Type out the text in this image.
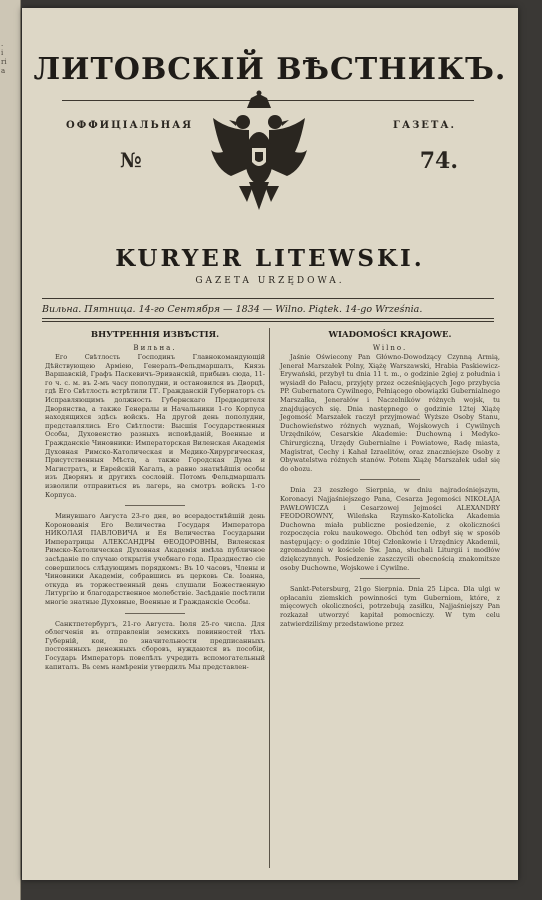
.
i
ri
a ЛИТОВСКIЙ ВѢСТНИКЪ.
ОФФИЦIАЛЬНАЯ	ГАЗЕТА.
№	74.
KURYER LITEWSKI.
GAZETA URZĘDOWA.
Вильна. Пятница. 14-го Сентября — 1834 — Wilno. Piątek. 14-go Września.
ВНУТРЕННIЯ ИЗВѢСТIЯ.
Вильна.

Его Свѣтлость Господинъ Главнокомандующiй Дѣйствующею Армiею, Генералъ-Фельдмаршалъ, Князь Варшавскiй, Графъ Паскевичъ-Эриванскiй, прибывъ сюда, 11-го ч. с. м. въ 2-мъ часу пополудни, и остановился въ Дворцѣ, гдѣ Его Свѣтлость встрѣтили ГГ. Гражданскiй Губернаторъ съ Исправляющимъ должность Губернскаго Предводителя Дворянства, а также Генералы и Начальники 1-го Корпуса находящихся здѣсь войскъ. На другой день пополудни, представлялись Его Свѣтлости: Высшiя Государственныя Особы, Духовенство разныхъ исповѣданiй, Военные и Гражданскiе Чиновники: Императорская Виленская Академiя Духовная Римско-Католическая и Медико-Хирургическая, Присутственныя Мѣста, а также Городская Дума и Магистратъ, и Еврейскiй Кагалъ, а равно знатнѣйшiя особы изъ Дворянъ и другихъ сословiй. Потомъ Фельдмаршалъ изволили отправиться въ лагерь, на смотръ войскъ 1-го Корпуса.

Минувшаго Августа 23-го дня, во всерадостнѣйшiй день Коронованiя Его Величества Государя Императора НИКОЛАЯ ПАВЛОВИЧА и Ея Величества Государыни Императрицы АЛЕКСАНДРЫ ѲЕОДОРОВНЫ, Виленская Римско-Католическая Духовная Академiя имѣла публичное засѣданiе по случаю открытiя учебнаго года. Празднество сiе совершилось слѣдующимъ порядкомъ: Въ 10 часовъ, Члены и Чиновники Академiи, собравшись въ церковь Св. Iоанна, откуда въ торжественный день слушали Божественную Литургiю и благодарственное молебствiе. Засѣданiе посѣтили многiе знатные Духовные, Военные и Гражданскiе Особы.

Санктпетербургъ, 21-го Августа. Iюля 25-го числа. Для облегченiя въ отправленiи земскихъ повинностей тѣхъ Губернiй, кои, по значительности предписанныхъ постоянныхъ денежныхъ сборовъ, нуждаются въ пособiи, Государь Императоръ повелѣлъ учредить вспомогательный капиталъ. Вь семъ намѣренiи утвердилъ Мы представлен-

WIADOMOŚCI KRAJOWE.
Wilno.

Jaśnie Oświecony Pan Główno-Dowodzący Czynną Armią, Jenerał Marszałek Polny, Xiążę Warszawski, Hrabia Paskiewicz-Erywański, przybył tu dnia 11 t. m., o godzinie 2giej z południa i wysiadł do Pałacu, przyjęty przez ocześnięjących Jego przybycia PP. Gubernatora Cywilnego, Pełniącego obowiązki Gubernialnego Marszałka, Jenerałów i Naczelników różnych wojsk, tu znajdujących się. Dnia następnego o godzinie 12tej Xiążę Jegomość Marszałek raczył przyjmować Wyższe Osoby Stanu, Duchowieństwo różnych wyznań, Wojskowych i Cywilnych Urzędników, Cesarskie Akademie: Duchowną i Medyko-Chirurgiczną, Urzędy Gubernialne i Powiatowe, Radę miasta, Magistrat, Cechy i Kahał Izraelitów, oraz znaczniejsze Osoby z Obywatelstwa różnych stanów. Potem Xiążę Marszałek udał się do obozu.

Dnia 23 zeszłego Sierpnia, w dniu najradośniejszym, Koronacyi Najjaśniejszego Pana, Cesarza Jegomości NIKOŁAJA PAWŁOWICZA i Cesarzowej Jejmości ALEXANDRY FEODOROWNY, Wileńska Rzymsko-Katolicka Akademia Duchowna miała publiczne posiedzenie, z okoliczności rozpoczęcia roku naukowego. Obchód ten odbył się w sposób następujący: o godzinie 10tej Członkowie i Urzędnicy Akademii, zgromadzeni w kościele Św. Jana, słuchali Liturgii i modłów dziękczynnych. Posiedzenie zaszczycili obecnością znakomitsze osoby Duchowne, Wojskowe i Cywilne.

Sankt-Petersburg, 21go Sierpnia. Dnia 25 Lipca. Dla ulgi w opłacaniu ziemskich powinności tym Guberniom, które, z mięcowych okoliczności, potrzebują zasiłku, Najjaśniejszy Pan rozkazał utworzyć kapitał pomocniczy. W tym celu zatwierdziliśmy przedstawione przez
